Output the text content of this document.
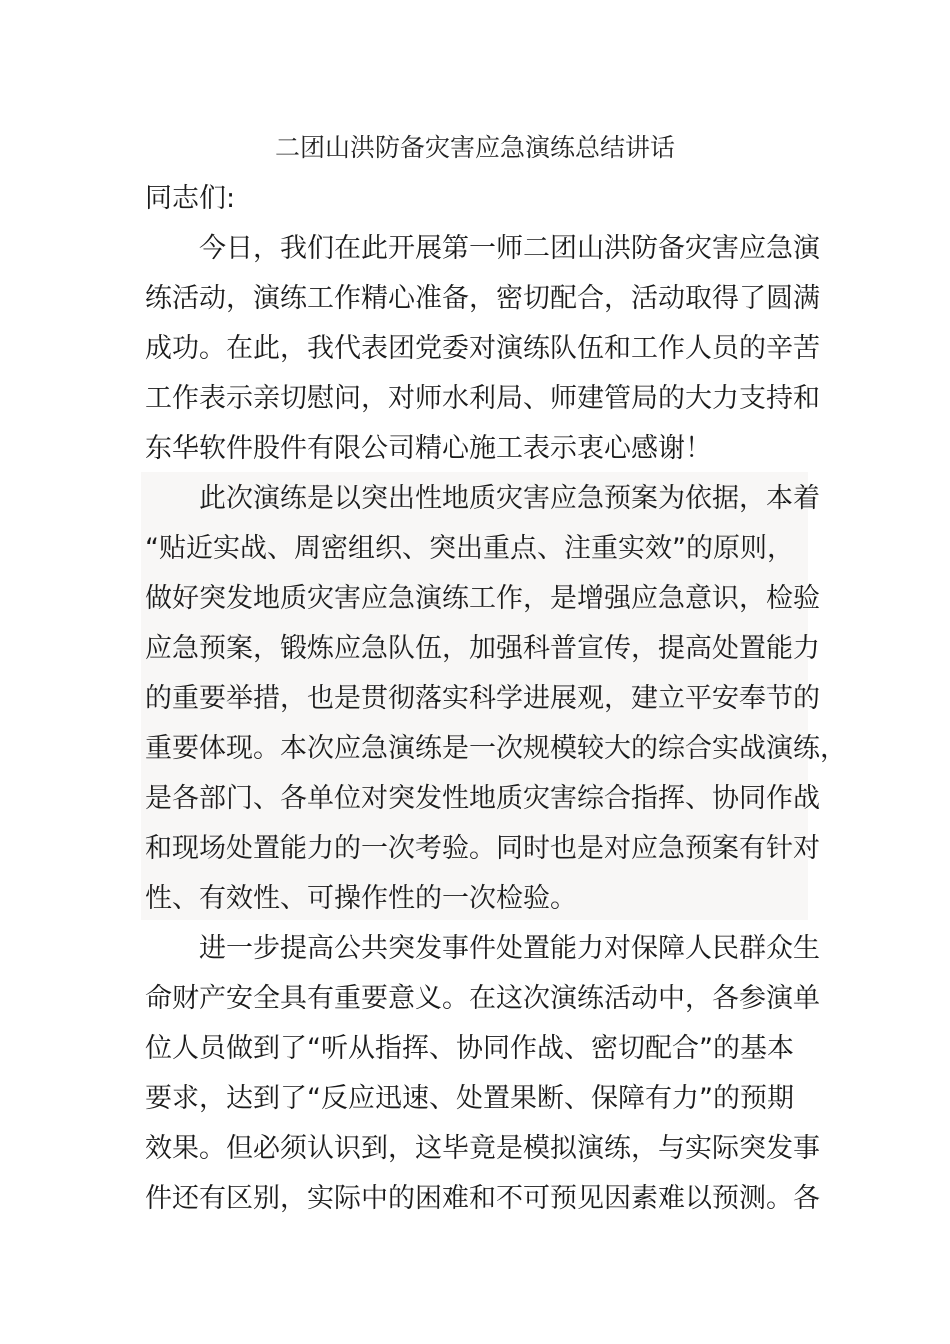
二团山洪防备灾害应急演练总结讲话
同志们:
　　今日，我们在此开展第一师二团山洪防备灾害应急演
练活动，演练工作精心准备，密切配合，活动取得了圆满
成功。在此，我代表团党委对演练队伍和工作人员的辛苦
工作表示亲切慰问，对师水利局、师建管局的大力支持和
东华软件股件有限公司精心施工表示衷心感谢！
　　此次演练是以突出性地质灾害应急预案为依据，本着
“贴近实战、周密组织、突出重点、注重实效”的原则，
做好突发地质灾害应急演练工作，是增强应急意识，检验
应急预案，锻炼应急队伍，加强科普宣传，提高处置能力
的重要举措，也是贯彻落实科学进展观，建立平安奉节的
重要体现。本次应急演练是一次规模较大的综合实战演练，
是各部门、各单位对突发性地质灾害综合指挥、协同作战
和现场处置能力的一次考验。同时也是对应急预案有针对
性、有效性、可操作性的一次检验。
　　进一步提高公共突发事件处置能力对保障人民群众生
命财产安全具有重要意义。在这次演练活动中，各参演单
位人员做到了“听从指挥、协同作战、密切配合”的基本
要求，达到了“反应迅速、处置果断、保障有力”的预期
效果。但必须认识到，这毕竟是模拟演练，与实际突发事
件还有区别，实际中的困难和不可预见因素难以预测。各
